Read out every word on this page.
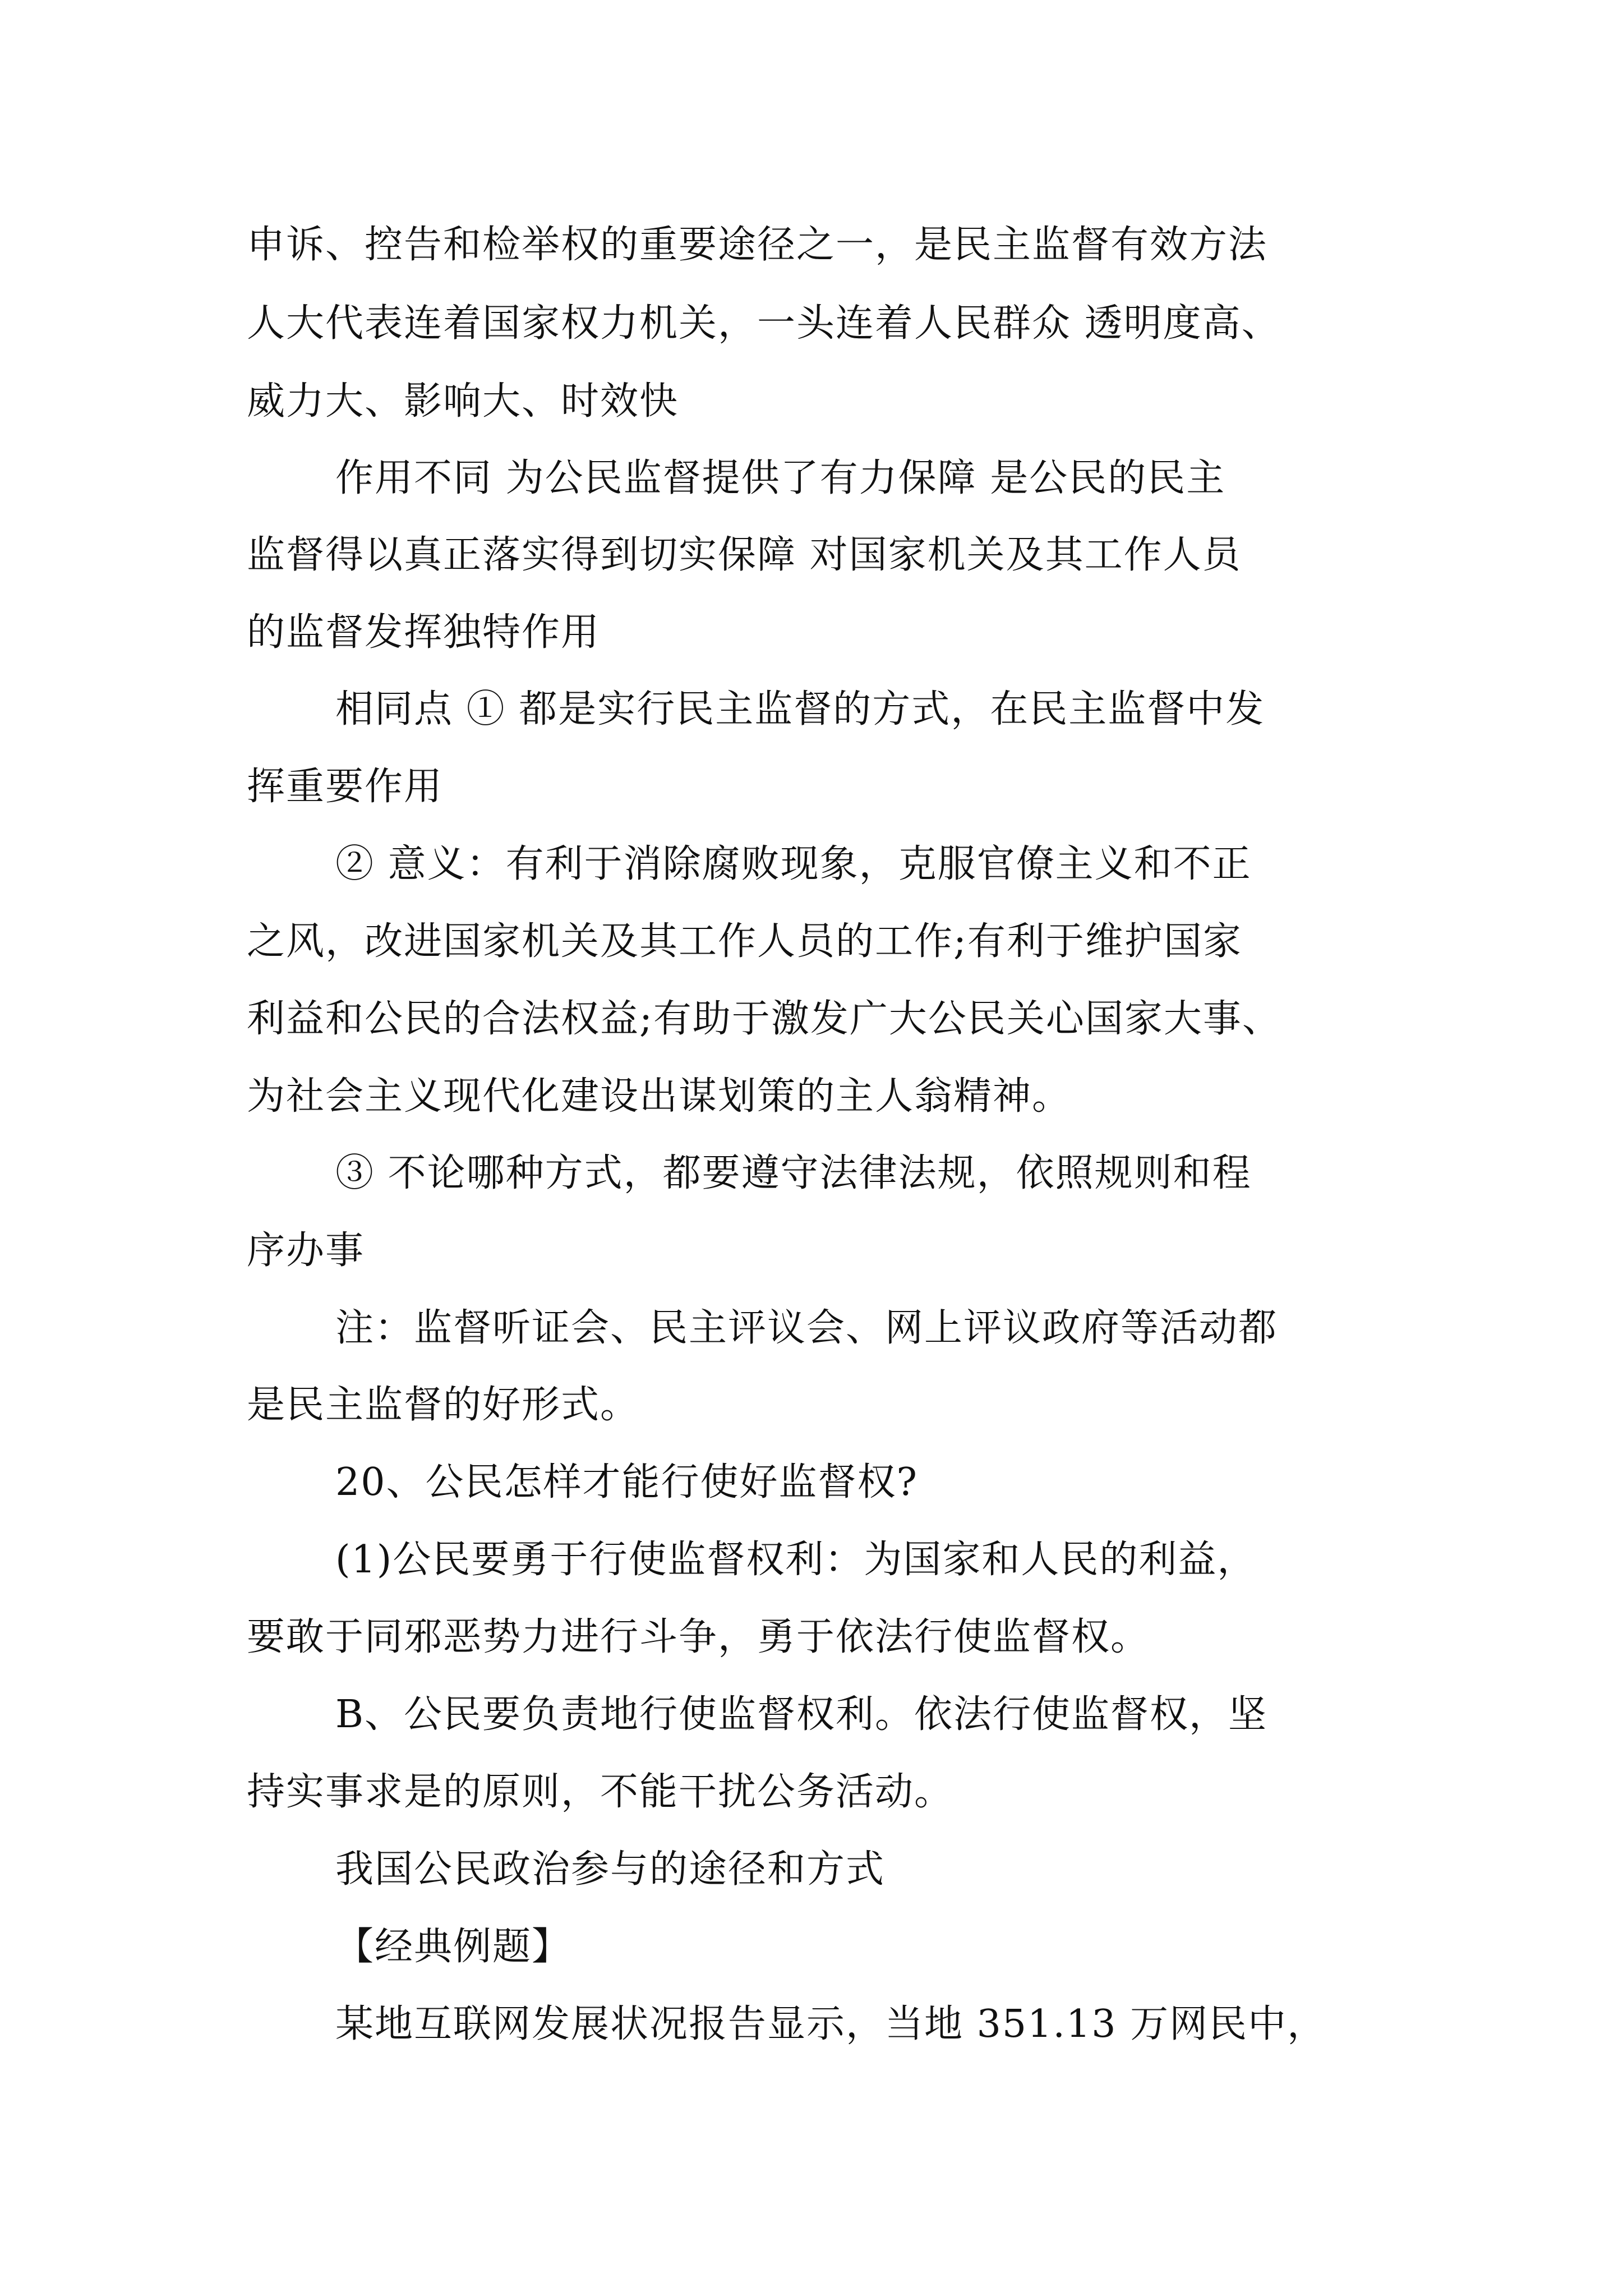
申诉、控告和检举权的重要途径之一，是民主监督有效方法
人大代表连着国家权力机关，一头连着人民群众 透明度高、
威力大、影响大、时效快
作用不同 为公民监督提供了有力保障 是公民的民主
监督得以真正落实得到切实保障 对国家机关及其工作人员
的监督发挥独特作用
相同点 ① 都是实行民主监督的方式，在民主监督中发
挥重要作用
② 意义：有利于消除腐败现象，克服官僚主义和不正
之风，改进国家机关及其工作人员的工作;有利于维护国家
利益和公民的合法权益;有助于激发广大公民关心国家大事、
为社会主义现代化建设出谋划策的主人翁精神。
③ 不论哪种方式，都要遵守法律法规，依照规则和程
序办事
注：监督听证会、民主评议会、网上评议政府等活动都
是民主监督的好形式。
20、公民怎样才能行使好监督权?
(1)公民要勇于行使监督权利：为国家和人民的利益，
要敢于同邪恶势力进行斗争，勇于依法行使监督权。
B、公民要负责地行使监督权利。依法行使监督权，坚
持实事求是的原则，不能干扰公务活动。
我国公民政治参与的途径和方式
【经典例题】
某地互联网发展状况报告显示，当地 351.13 万网民中，
